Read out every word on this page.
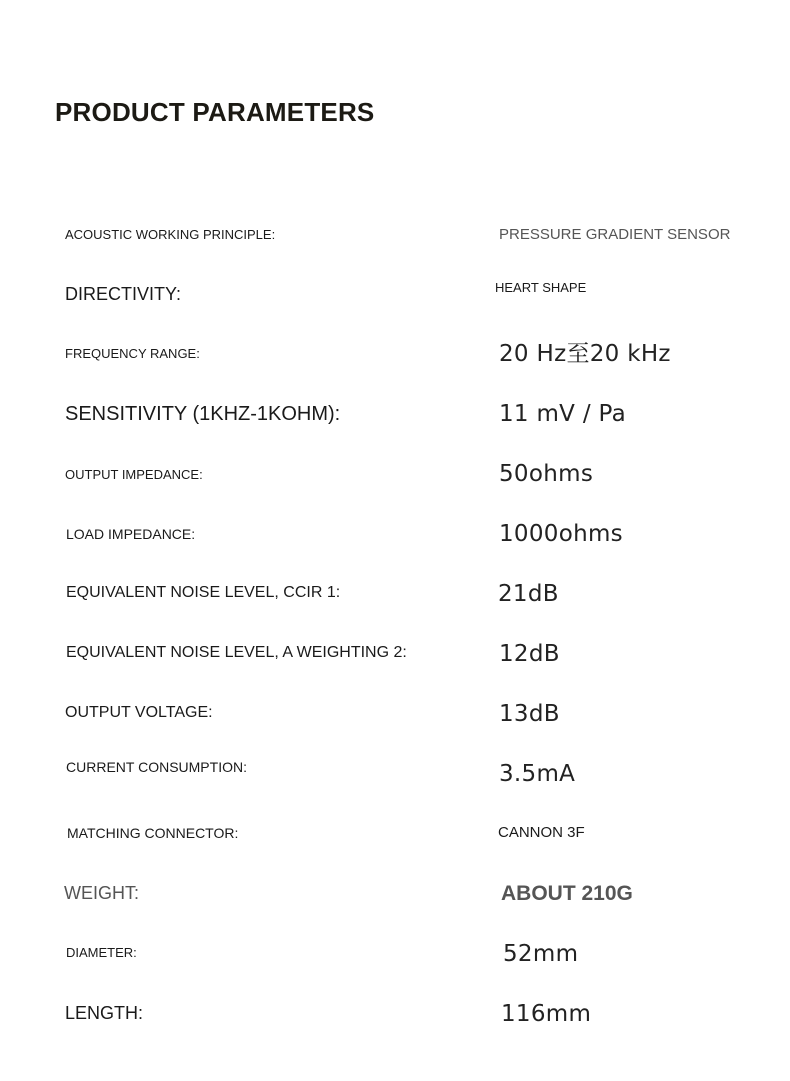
PRODUCT PARAMETERS
ACOUSTIC WORKING PRINCIPLE:	PRESSURE GRADIENT SENSOR
DIRECTIVITY:	HEART SHAPE
FREQUENCY RANGE:	20 Hz至20 kHz
SENSITIVITY (1KHZ-1KOHM):	11 mV / Pa
OUTPUT IMPEDANCE:	50ohms
LOAD IMPEDANCE:	1000ohms
EQUIVALENT NOISE LEVEL, CCIR 1:	21dB
EQUIVALENT NOISE LEVEL, A WEIGHTING 2:	12dB
OUTPUT VOLTAGE:	13dB
CURRENT CONSUMPTION:	3.5mA
MATCHING CONNECTOR:	CANNON 3F
WEIGHT:	ABOUT 210G
DIAMETER:	52mm
LENGTH:	116mm
